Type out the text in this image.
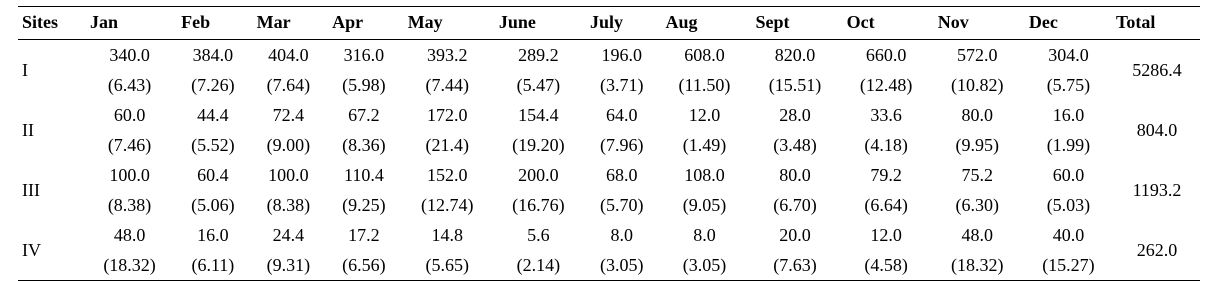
Sites	Jan	Feb	Mar	Apr	May	June	July	Aug	Sept	Oct	Nov	Dec	Total
I	340.0	384.0	404.0	316.0	393.2	289.2	196.0	608.0	820.0	660.0	572.0	304.0	5286.4
	(6.43)	(7.26)	(7.64)	(5.98)	(7.44)	(5.47)	(3.71)	(11.50)	(15.51)	(12.48)	(10.82)	(5.75)	
II	60.0	44.4	72.4	67.2	172.0	154.4	64.0	12.0	28.0	33.6	80.0	16.0	804.0
	(7.46)	(5.52)	(9.00)	(8.36)	(21.4)	(19.20)	(7.96)	(1.49)	(3.48)	(4.18)	(9.95)	(1.99)	
III	100.0	60.4	100.0	110.4	152.0	200.0	68.0	108.0	80.0	79.2	75.2	60.0	1193.2
	(8.38)	(5.06)	(8.38)	(9.25)	(12.74)	(16.76)	(5.70)	(9.05)	(6.70)	(6.64)	(6.30)	(5.03)	
IV	48.0	16.0	24.4	17.2	14.8	5.6	8.0	8.0	20.0	12.0	48.0	40.0	262.0
	(18.32)	(6.11)	(9.31)	(6.56)	(5.65)	(2.14)	(3.05)	(3.05)	(7.63)	(4.58)	(18.32)	(15.27)	
